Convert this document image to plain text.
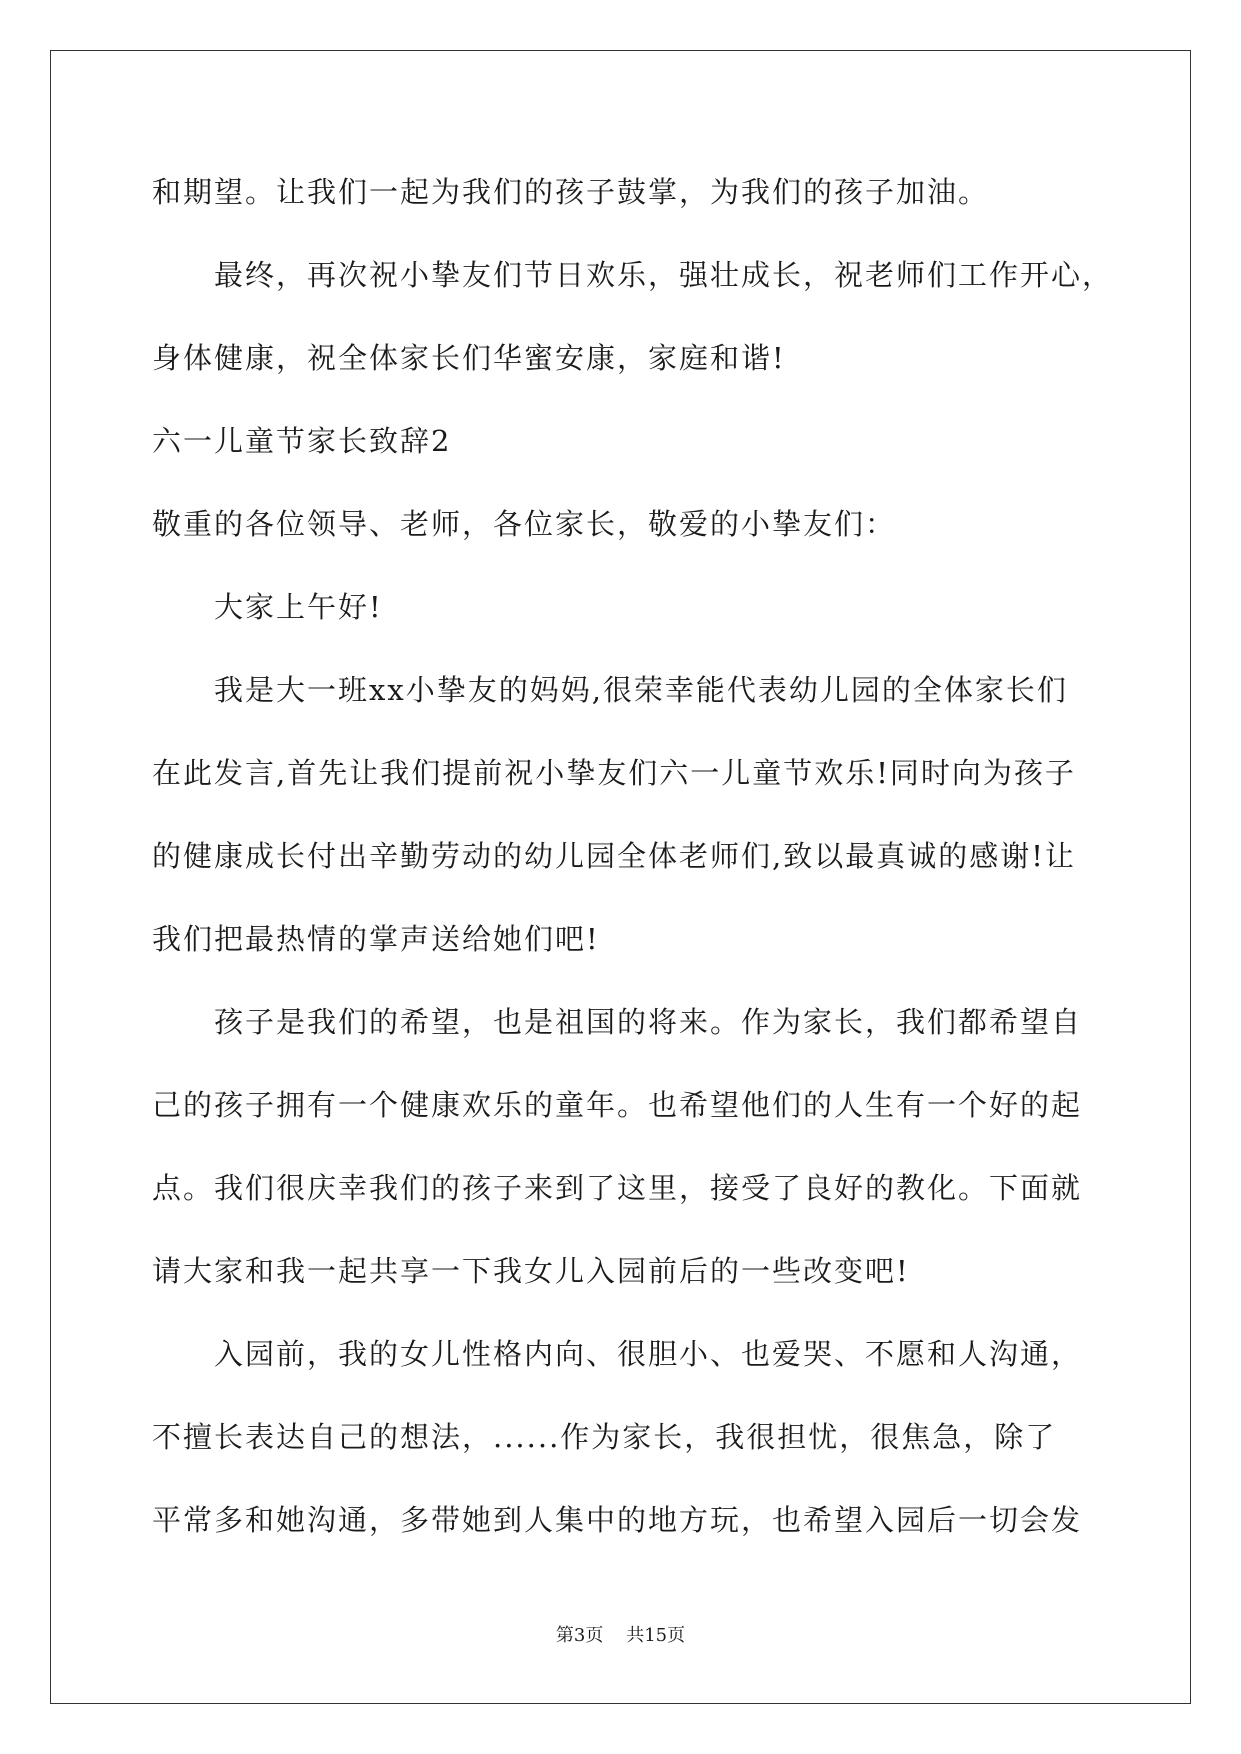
和期望。让我们一起为我们的孩子鼓掌，为我们的孩子加油。
最终，再次祝小挚友们节日欢乐，强壮成长，祝老师们工作开心，
身体健康，祝全体家长们华蜜安康，家庭和谐!
六一儿童节家长致辞2
敬重的各位领导、老师，各位家长，敬爱的小挚友们：
大家上午好!
我是大一班xx小挚友的妈妈,很荣幸能代表幼儿园的全体家长们
在此发言,首先让我们提前祝小挚友们六一儿童节欢乐!同时向为孩子
的健康成长付出辛勤劳动的幼儿园全体老师们,致以最真诚的感谢!让
我们把最热情的掌声送给她们吧!
孩子是我们的希望，也是祖国的将来。作为家长，我们都希望自
己的孩子拥有一个健康欢乐的童年。也希望他们的人生有一个好的起
点。我们很庆幸我们的孩子来到了这里，接受了良好的教化。下面就
请大家和我一起共享一下我女儿入园前后的一些改变吧!
入园前，我的女儿性格内向、很胆小、也爱哭、不愿和人沟通，
不擅长表达自己的想法，......作为家长，我很担忧，很焦急，除了
平常多和她沟通，多带她到人集中的地方玩，也希望入园后一切会发
第3页    共15页
